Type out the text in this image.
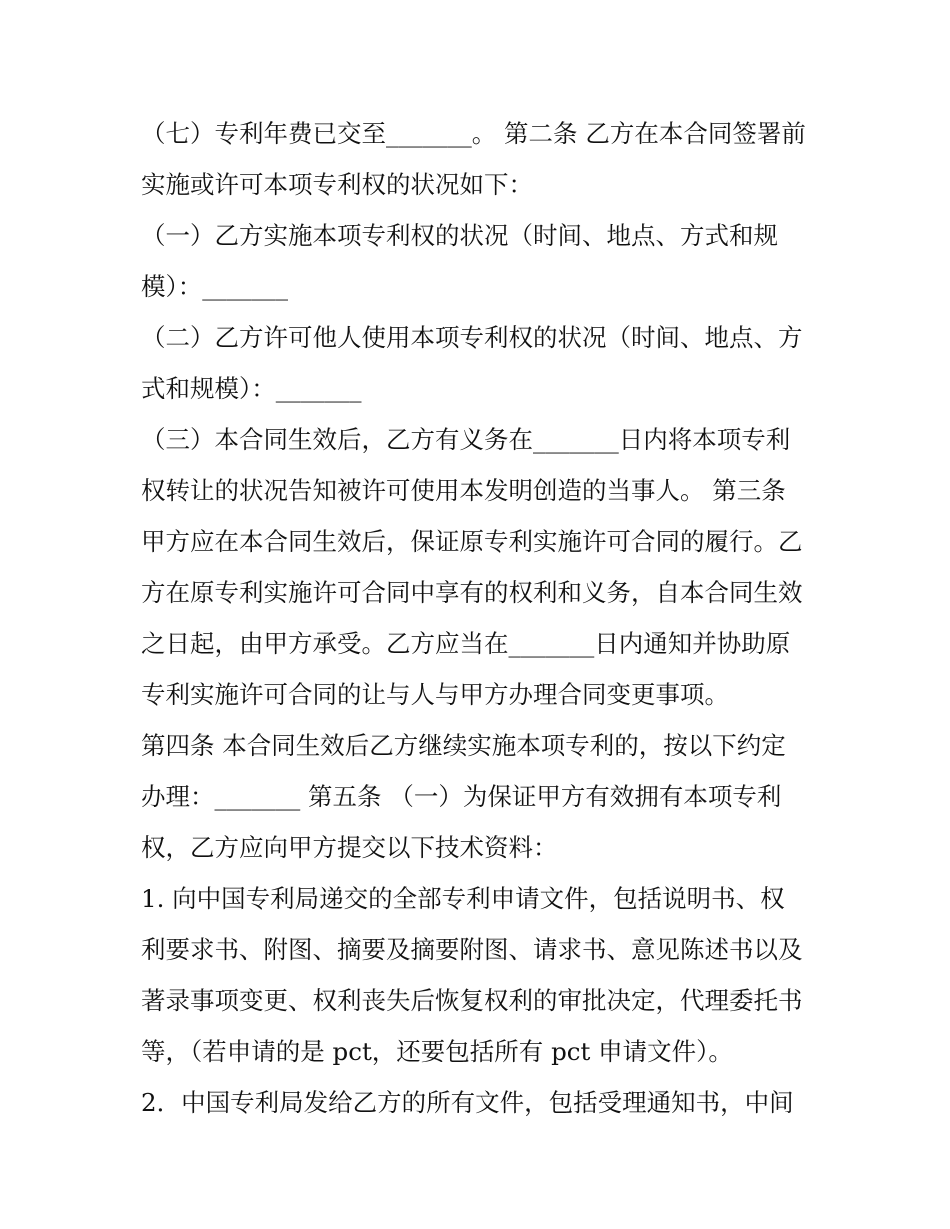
（七）专利年费已交至_______。 第二条 乙方在本合同签署前
实施或许可本项专利权的状况如下：

（一）乙方实施本项专利权的状况（时间、地点、方式和规
模）：_______

（二）乙方许可他人使用本项专利权的状况（时间、地点、方
式和规模）：_______

（三）本合同生效后，乙方有义务在_______日内将本项专利
权转让的状况告知被许可使用本发明创造的当事人。 第三条
甲方应在本合同生效后，保证原专利实施许可合同的履行。乙
方在原专利实施许可合同中享有的权利和义务，自本合同生效
之日起，由甲方承受。乙方应当在_______日内通知并协助原
专利实施许可合同的让与人与甲方办理合同变更事项。

第四条 本合同生效后乙方继续实施本项专利的，按以下约定
办理：_______ 第五条 （一）为保证甲方有效拥有本项专利
权，乙方应向甲方提交以下技术资料：

1. 向中国专利局递交的全部专利申请文件，包括说明书、权
利要求书、附图、摘要及摘要附图、请求书、意见陈述书以及
著录事项变更、权利丧失后恢复权利的审批决定，代理委托书
等，（若申请的是 pct，还要包括所有 pct 申请文件）。

2．中国专利局发给乙方的所有文件，包括受理通知书，中间
